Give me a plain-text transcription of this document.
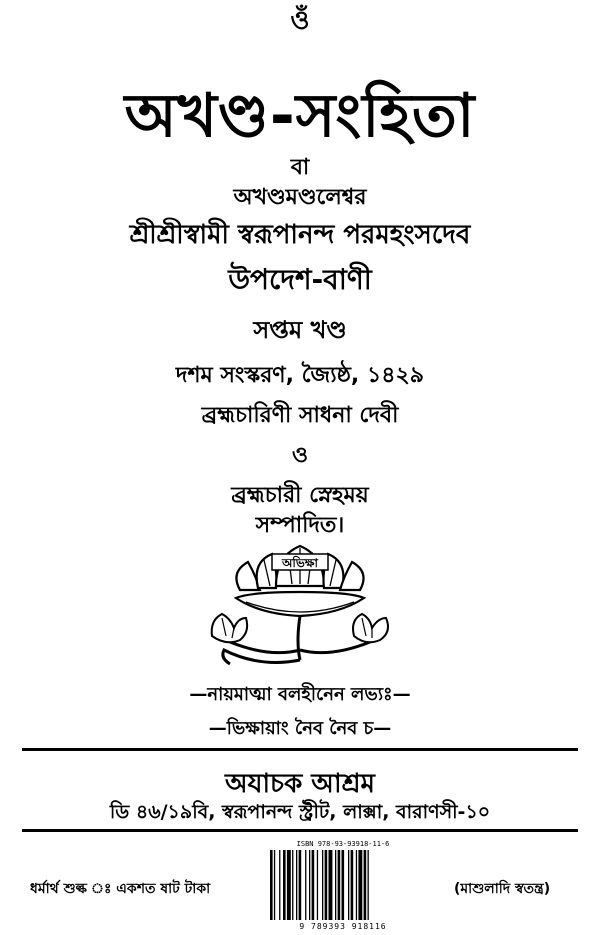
ওঁ
অখণ্ড-সংহিতা
বা
অখণ্ডমণ্ডলেশ্বর
শ্রীশ্রীস্বামী স্বরূপানন্দ পরমহংসদেব
উপদেশ-বাণী
সপ্তম খণ্ড
দশম সংস্করণ, জ্যৈষ্ঠ, ১৪২৯
ব্রহ্মচারিণী সাধনা দেবী
ও
ব্রহ্মচারী স্নেহময়
সম্পাদিত।
অভিক্ষা
—নায়মাত্মা বলহীনেন লভ্যঃ—
—ভিক্ষায়াং নৈব নৈব চ—
অযাচক আশ্রম
ডি ৪৬/১৯বি, স্বরূপানন্দ স্ট্রীট, লাক্সা, বারাণসী-১০
ধর্মার্থ শুল্ক ঃ একশত ষাট টাকা
ISBN 978-93-93918-11-6
9 789393 918116
(মাশুলাদি স্বতন্ত্র)
